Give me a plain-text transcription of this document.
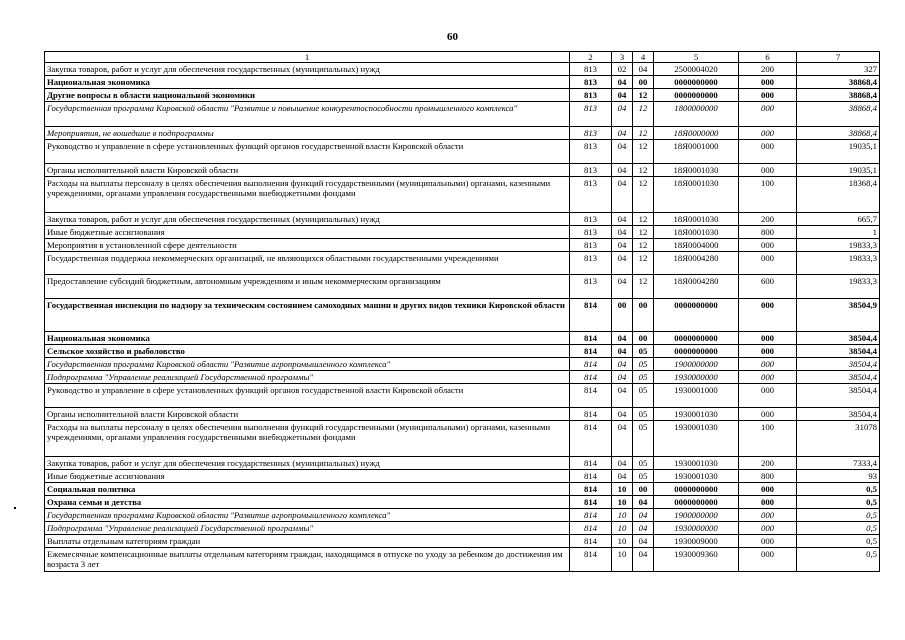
60
1	2	3	4	5	6	7
Закупка товаров, работ и услуг для обеспечения государственных (муниципальных) нужд	813	02	04	2500004020	200	327
Национальная экономика	813	04	00	0000000000	000	38868,4
Другие вопросы в области национальной экономики	813	04	12	0000000000	000	38868,4
Государственная программа Кировской области "Развитие и повышение конкурентоспособности промышленного комплекса"	813	04	12	1800000000	000	38868,4
Мероприятия, не вошедшие в подпрограммы	813	04	12	18Я0000000	000	38868,4
Руководство и управление в сфере установленных функций органов государственной власти Кировской области	813	04	12	18Я0001000	000	19035,1
Органы исполнительной власти Кировской области	813	04	12	18Я0001030	000	19035,1
Расходы на выплаты персоналу в целях обеспечения выполнения функций государственными (муниципальными) органами, казенными учреждениями, органами управления государственными внебюджетными фондами	813	04	12	18Я0001030	100	18368,4
Закупка товаров, работ и услуг для обеспечения государственных (муниципальных) нужд	813	04	12	18Я0001030	200	665,7
Иные бюджетные ассигнования	813	04	12	18Я0001030	800	1
Мероприятия в установленной сфере деятельности	813	04	12	18Я0004000	000	19833,3
Государственная поддержка некоммерческих организаций, не являющихся областными государственными учреждениями	813	04	12	18Я0004280	000	19833,3
Предоставление субсидий бюджетным, автономным учреждениям и иным некоммерческим организациям	813	04	12	18Я0004280	600	19833,3
Государственная инспекция по надзору за техническим состоянием самоходных машин и других видов техники Кировской области	814	00	00	0000000000	000	38504,9
Национальная экономика	814	04	00	0000000000	000	38504,4
Сельское хозяйство и рыболовство	814	04	05	0000000000	000	38504,4
Государственная программа Кировской области "Развитие агропромышленного комплекса"	814	04	05	1900000000	000	38504,4
Подпрограмма "Управление реализацией Государственной программы"	814	04	05	1930000000	000	38504,4
Руководство и управление в сфере установленных функций органов государственной власти Кировской области	814	04	05	1930001000	000	38504,4
Органы исполнительной власти Кировской области	814	04	05	1930001030	000	38504,4
Расходы на выплаты персоналу в целях обеспечения выполнения функций государственными (муниципальными) органами, казенными учреждениями, органами управления государственными внебюджетными фондами	814	04	05	1930001030	100	31078
Закупка товаров, работ и услуг для обеспечения государственных (муниципальных) нужд	814	04	05	1930001030	200	7333,4
Иные бюджетные ассигнования	814	04	05	1930001030	800	93
Социальная политика	814	10	00	0000000000	000	0,5
Охрана семьи и детства	814	10	04	0000000000	000	0,5
Государственная программа Кировской области "Развитие агропромышленного комплекса"	814	10	04	1900000000	000	0,5
Подпрограмма "Управление реализацией Государственной программы"	814	10	04	1930000000	000	0,5
Выплаты отдельным категориям граждан	814	10	04	1930009000	000	0,5
Ежемесячные компенсационные выплаты отдельным категориям граждан, находящимся в отпуске по уходу за ребенком до достижения им возраста 3 лет	814	10	04	1930009360	000	0,5
